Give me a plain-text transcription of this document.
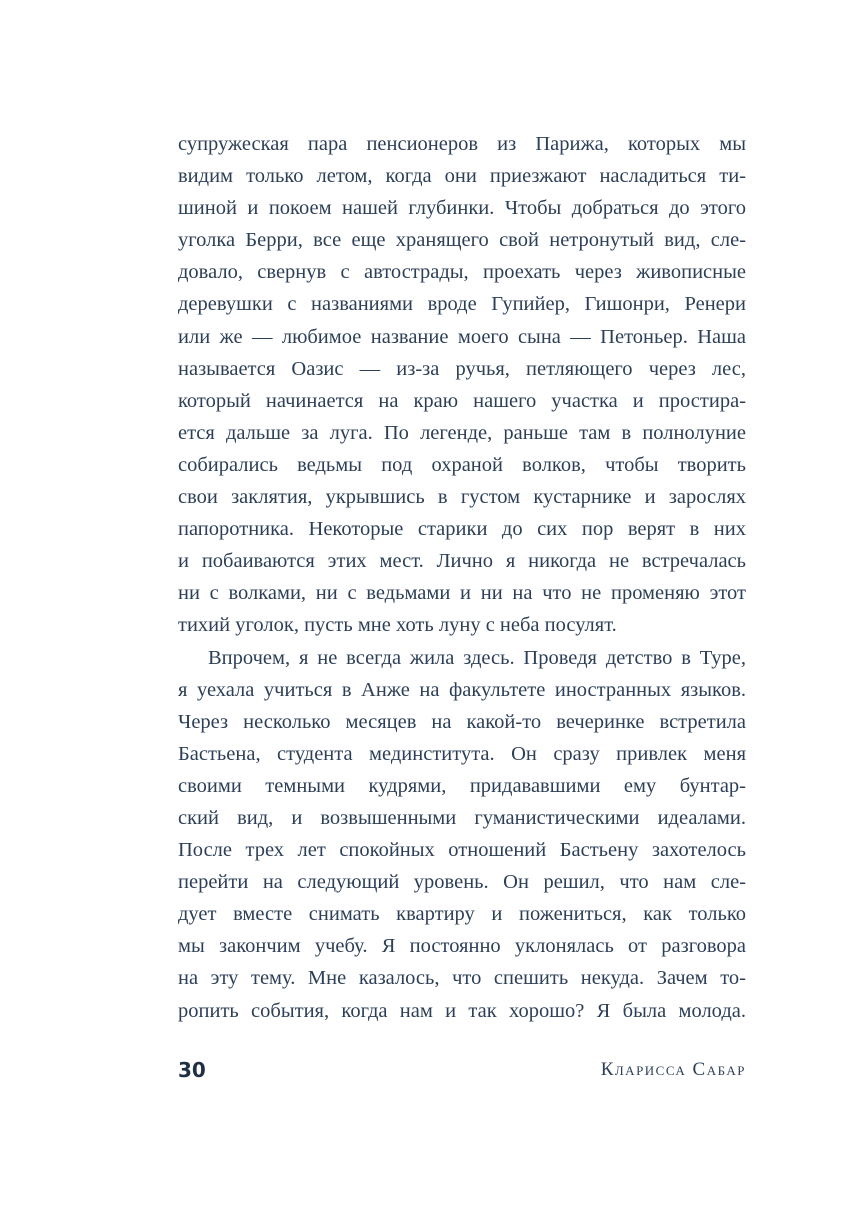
супружеская пара пенсионеров из Парижа, которых мы
видим только летом, когда они приезжают насладиться ти-
шиной и покоем нашей глубинки. Чтобы добраться до этого
уголка Берри, все еще хранящего свой нетронутый вид, сле-
довало, свернув с автострады, проехать через живописные
деревушки с названиями вроде Гупийер, Гишонри, Ренери
или же — любимое название моего сына — Петоньер. Наша
называется Оазис — из-за ручья, петляющего через лес,
который начинается на краю нашего участка и простира-
ется дальше за луга. По легенде, раньше там в полнолуние
собирались ведьмы под охраной волков, чтобы творить
свои заклятия, укрывшись в густом кустарнике и зарослях
папоротника. Некоторые старики до сих пор верят в них
и побаиваются этих мест. Лично я никогда не встречалась
ни с волками, ни с ведьмами и ни на что не променяю этот
тихий уголок, пусть мне хоть луну с неба посулят.
Впрочем, я не всегда жила здесь. Проведя детство в Туре,
я уехала учиться в Анже на факультете иностранных языков.
Через несколько месяцев на какой-то вечеринке встретила
Бастьена, студента мединститута. Он сразу привлек меня
своими темными кудрями, придававшими ему бунтар-
ский вид, и возвышенными гуманистическими идеалами.
После трех лет спокойных отношений Бастьену захотелось
перейти на следующий уровень. Он решил, что нам сле-
дует вместе снимать квартиру и пожениться, как только
мы закончим учебу. Я постоянно уклонялась от разговора
на эту тему. Мне казалось, что спешить некуда. Зачем то-
ропить события, когда нам и так хорошо? Я была молода.
30	Кларисса Сабар
